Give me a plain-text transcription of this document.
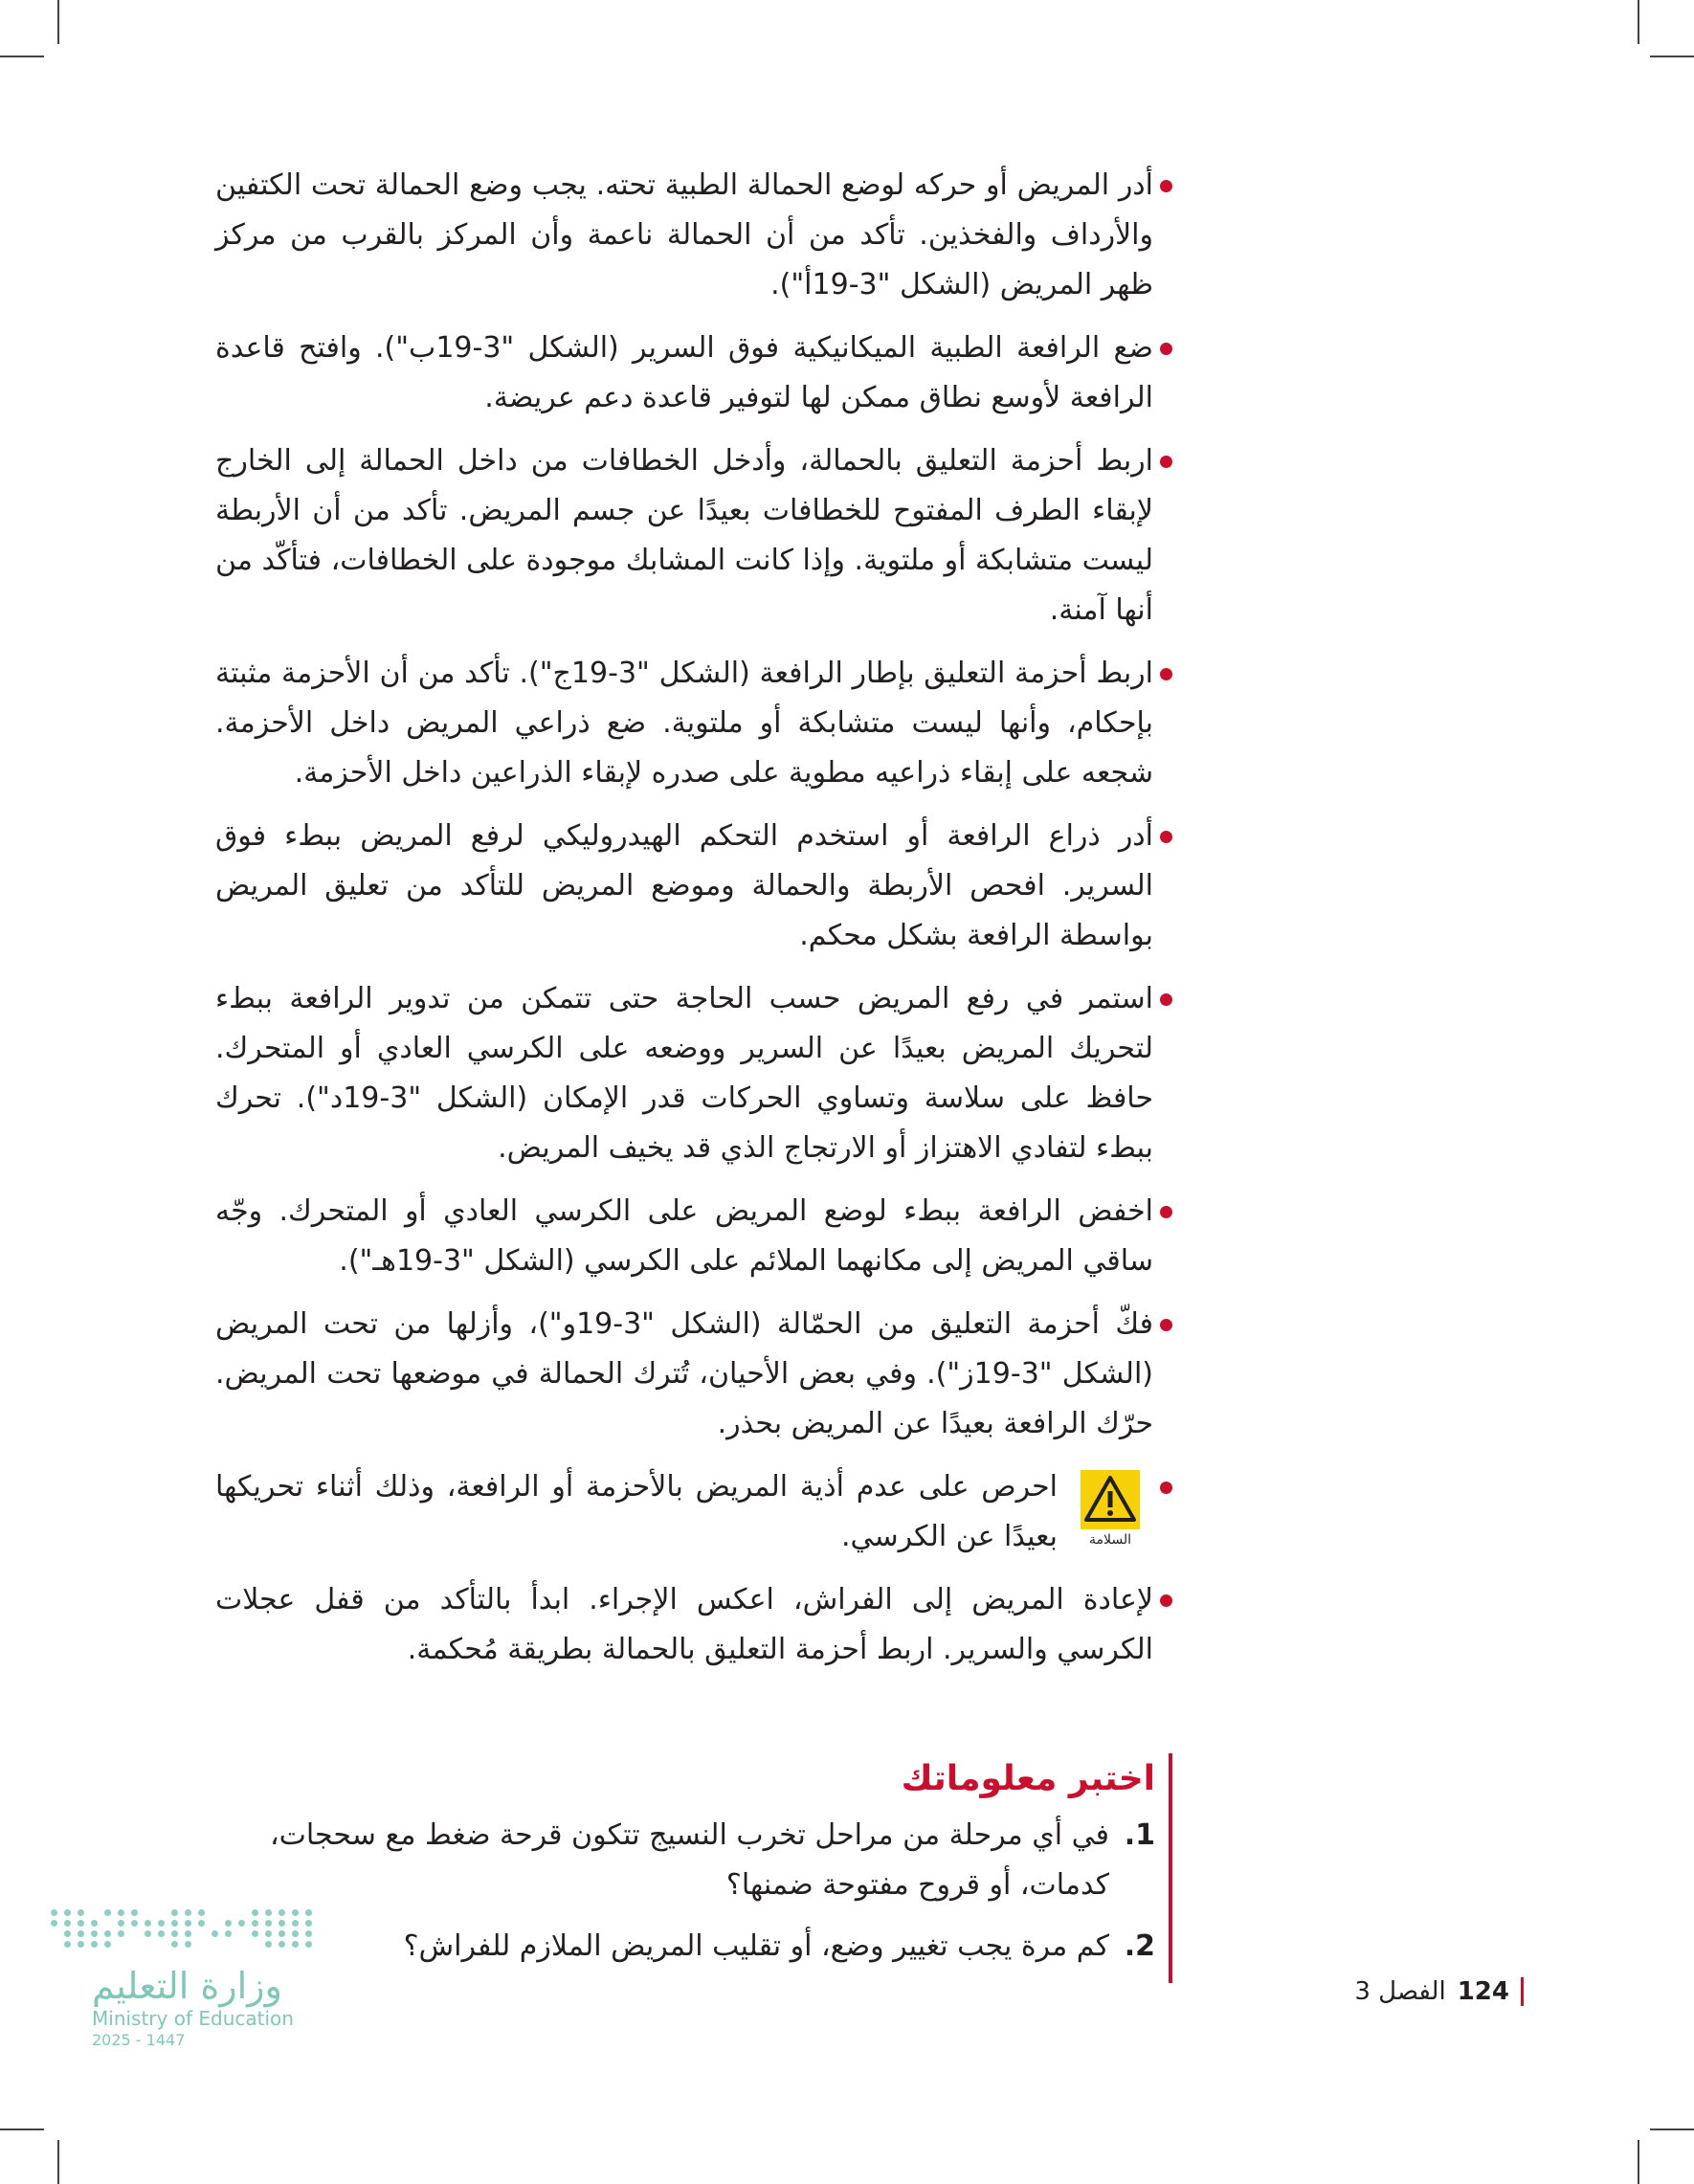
أدر المريض أو حركه لوضع الحمالة الطبية تحته. يجب وضع الحمالة تحت الكتفين والأرداف والفخذين. تأكد من أن الحمالة ناعمة وأن المركز بالقرب من مركز ظهر المريض (الشكل "3-19أ").
ضع الرافعة الطبية الميكانيكية فوق السرير (الشكل "3-19ب"). وافتح قاعدة الرافعة لأوسع نطاق ممكن لها لتوفير قاعدة دعم عريضة.
اربط أحزمة التعليق بالحمالة، وأدخل الخطافات من داخل الحمالة إلى الخارج لإبقاء الطرف المفتوح للخطافات بعيدًا عن جسم المريض. تأكد من أن الأربطة ليست متشابكة أو ملتوية. وإذا كانت المشابك موجودة على الخطافات، فتأكّد من أنها آمنة.
اربط أحزمة التعليق بإطار الرافعة (الشكل "3-19ج"). تأكد من أن الأحزمة مثبتة بإحكام، وأنها ليست متشابكة أو ملتوية. ضع ذراعي المريض داخل الأحزمة. شجعه على إبقاء ذراعيه مطوية على صدره لإبقاء الذراعين داخل الأحزمة.
أدر ذراع الرافعة أو استخدم التحكم الهيدروليكي لرفع المريض ببطء فوق السرير. افحص الأربطة والحمالة وموضع المريض للتأكد من تعليق المريض بواسطة الرافعة بشكل محكم.
استمر في رفع المريض حسب الحاجة حتى تتمكن من تدوير الرافعة ببطء لتحريك المريض بعيدًا عن السرير ووضعه على الكرسي العادي أو المتحرك. حافظ على سلاسة وتساوي الحركات قدر الإمكان (الشكل "3-19د"). تحرك ببطء لتفادي الاهتزاز أو الارتجاج الذي قد يخيف المريض.
اخفض الرافعة ببطء لوضع المريض على الكرسي العادي أو المتحرك. وجّه ساقي المريض إلى مكانهما الملائم على الكرسي (الشكل "3-19هـ").
فكّ أحزمة التعليق من الحمّالة (الشكل "3-19و")، وأزلها من تحت المريض (الشكل "3-19ز"). وفي بعض الأحيان، تُترك الحمالة في موضعها تحت المريض. حرّك الرافعة بعيدًا عن المريض بحذر.
السلامة
احرص على عدم أذية المريض بالأحزمة أو الرافعة، وذلك أثناء تحريكها بعيدًا عن الكرسي.
لإعادة المريض إلى الفراش، اعكس الإجراء. ابدأ بالتأكد من قفل عجلات الكرسي والسرير. اربط أحزمة التعليق بالحمالة بطريقة مُحكمة.
اختبر معلوماتك
1.
في أي مرحلة من مراحل تخرب النسيج تتكون قرحة ضغط مع سحجات، كدمات، أو قروح مفتوحة ضمنها؟
2.
كم مرة يجب تغيير وضع، أو تقليب المريض الملازم للفراش؟
124
الفصل 3
وزارة التعليم
Ministry of Education
2025 - 1447
